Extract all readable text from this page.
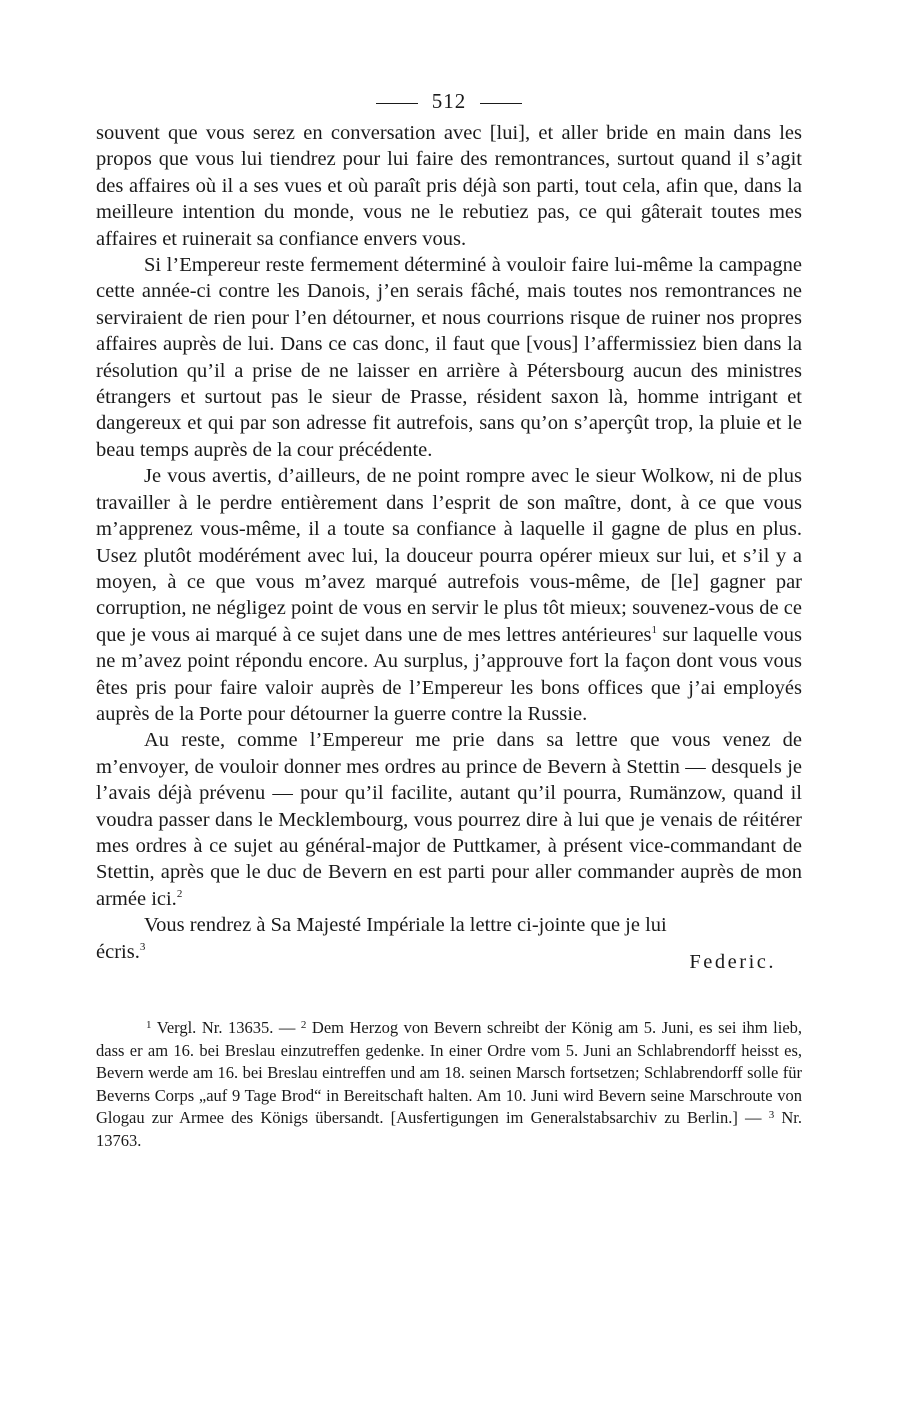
512

souvent que vous serez en conversation avec [lui], et aller bride en main dans les propos que vous lui tiendrez pour lui faire des remontrances, surtout quand il s’agit des affaires où il a ses vues et où paraît pris déjà son parti, tout cela, afin que, dans la meilleure intention du monde, vous ne le rebutiez pas, ce qui gâterait toutes mes affaires et ruinerait sa confiance envers vous.

Si l’Empereur reste fermement déterminé à vouloir faire lui-même la campagne cette année-ci contre les Danois, j’en serais fâché, mais toutes nos remontrances ne serviraient de rien pour l’en détourner, et nous courrions risque de ruiner nos propres affaires auprès de lui. Dans ce cas donc, il faut que [vous] l’affermissiez bien dans la résolution qu’il a prise de ne laisser en arrière à Pétersbourg aucun des ministres étrangers et surtout pas le sieur de Prasse, résident saxon là, homme intrigant et dangereux et qui par son adresse fit autrefois, sans qu’on s’aperçût trop, la pluie et le beau temps auprès de la cour précédente.

Je vous avertis, d’ailleurs, de ne point rompre avec le sieur Wolkow, ni de plus travailler à le perdre entièrement dans l’esprit de son maître, dont, à ce que vous m’apprenez vous-même, il a toute sa confiance à laquelle il gagne de plus en plus. Usez plutôt modérément avec lui, la douceur pourra opérer mieux sur lui, et s’il y a moyen, à ce que vous m’avez marqué autrefois vous-même, de [le] gagner par corruption, ne négligez point de vous en servir le plus tôt mieux; souvenez-vous de ce que je vous ai marqué à ce sujet dans une de mes lettres antérieures$^1$ sur laquelle vous ne m’avez point répondu encore. Au surplus, j’approuve fort la façon dont vous vous êtes pris pour faire valoir auprès de l’Empereur les bons offices que j’ai employés auprès de la Porte pour détourner la guerre contre la Russie.

Au reste, comme l’Empereur me prie dans sa lettre que vous venez de m’envoyer, de vouloir donner mes ordres au prince de Bevern à Stettin — desquels je l’avais déjà prévenu — pour qu’il facilite, autant qu’il pourra, Rumänzow, quand il voudra passer dans le Mecklembourg, vous pourrez dire à lui que je venais de réitérer mes ordres à ce sujet au général-major de Puttkamer, à présent vice-commandant de Stettin, après que le duc de Bevern en est parti pour aller commander auprès de mon armée ici.$^2$

Vous rendrez à Sa Majesté Impériale la lettre ci-jointe que je lui

écris.$^3$
Federic.

$^1$ Vergl. Nr. 13635. — $^2$ Dem Herzog von Bevern schreibt der König am 5. Juni, es sei ihm lieb, dass er am 16. bei Breslau einzutreffen gedenke. In einer Ordre vom 5. Juni an Schlabrendorff heisst es, Bevern werde am 16. bei Breslau eintreffen und am 18. seinen Marsch fortsetzen; Schlabrendorff solle für Beverns Corps „auf 9 Tage Brod“ in Bereitschaft halten. Am 10. Juni wird Bevern seine Marschroute von Glogau zur Armee des Königs übersandt. [Ausfertigungen im Generalstabsarchiv zu Berlin.] — $^3$ Nr. 13763.
